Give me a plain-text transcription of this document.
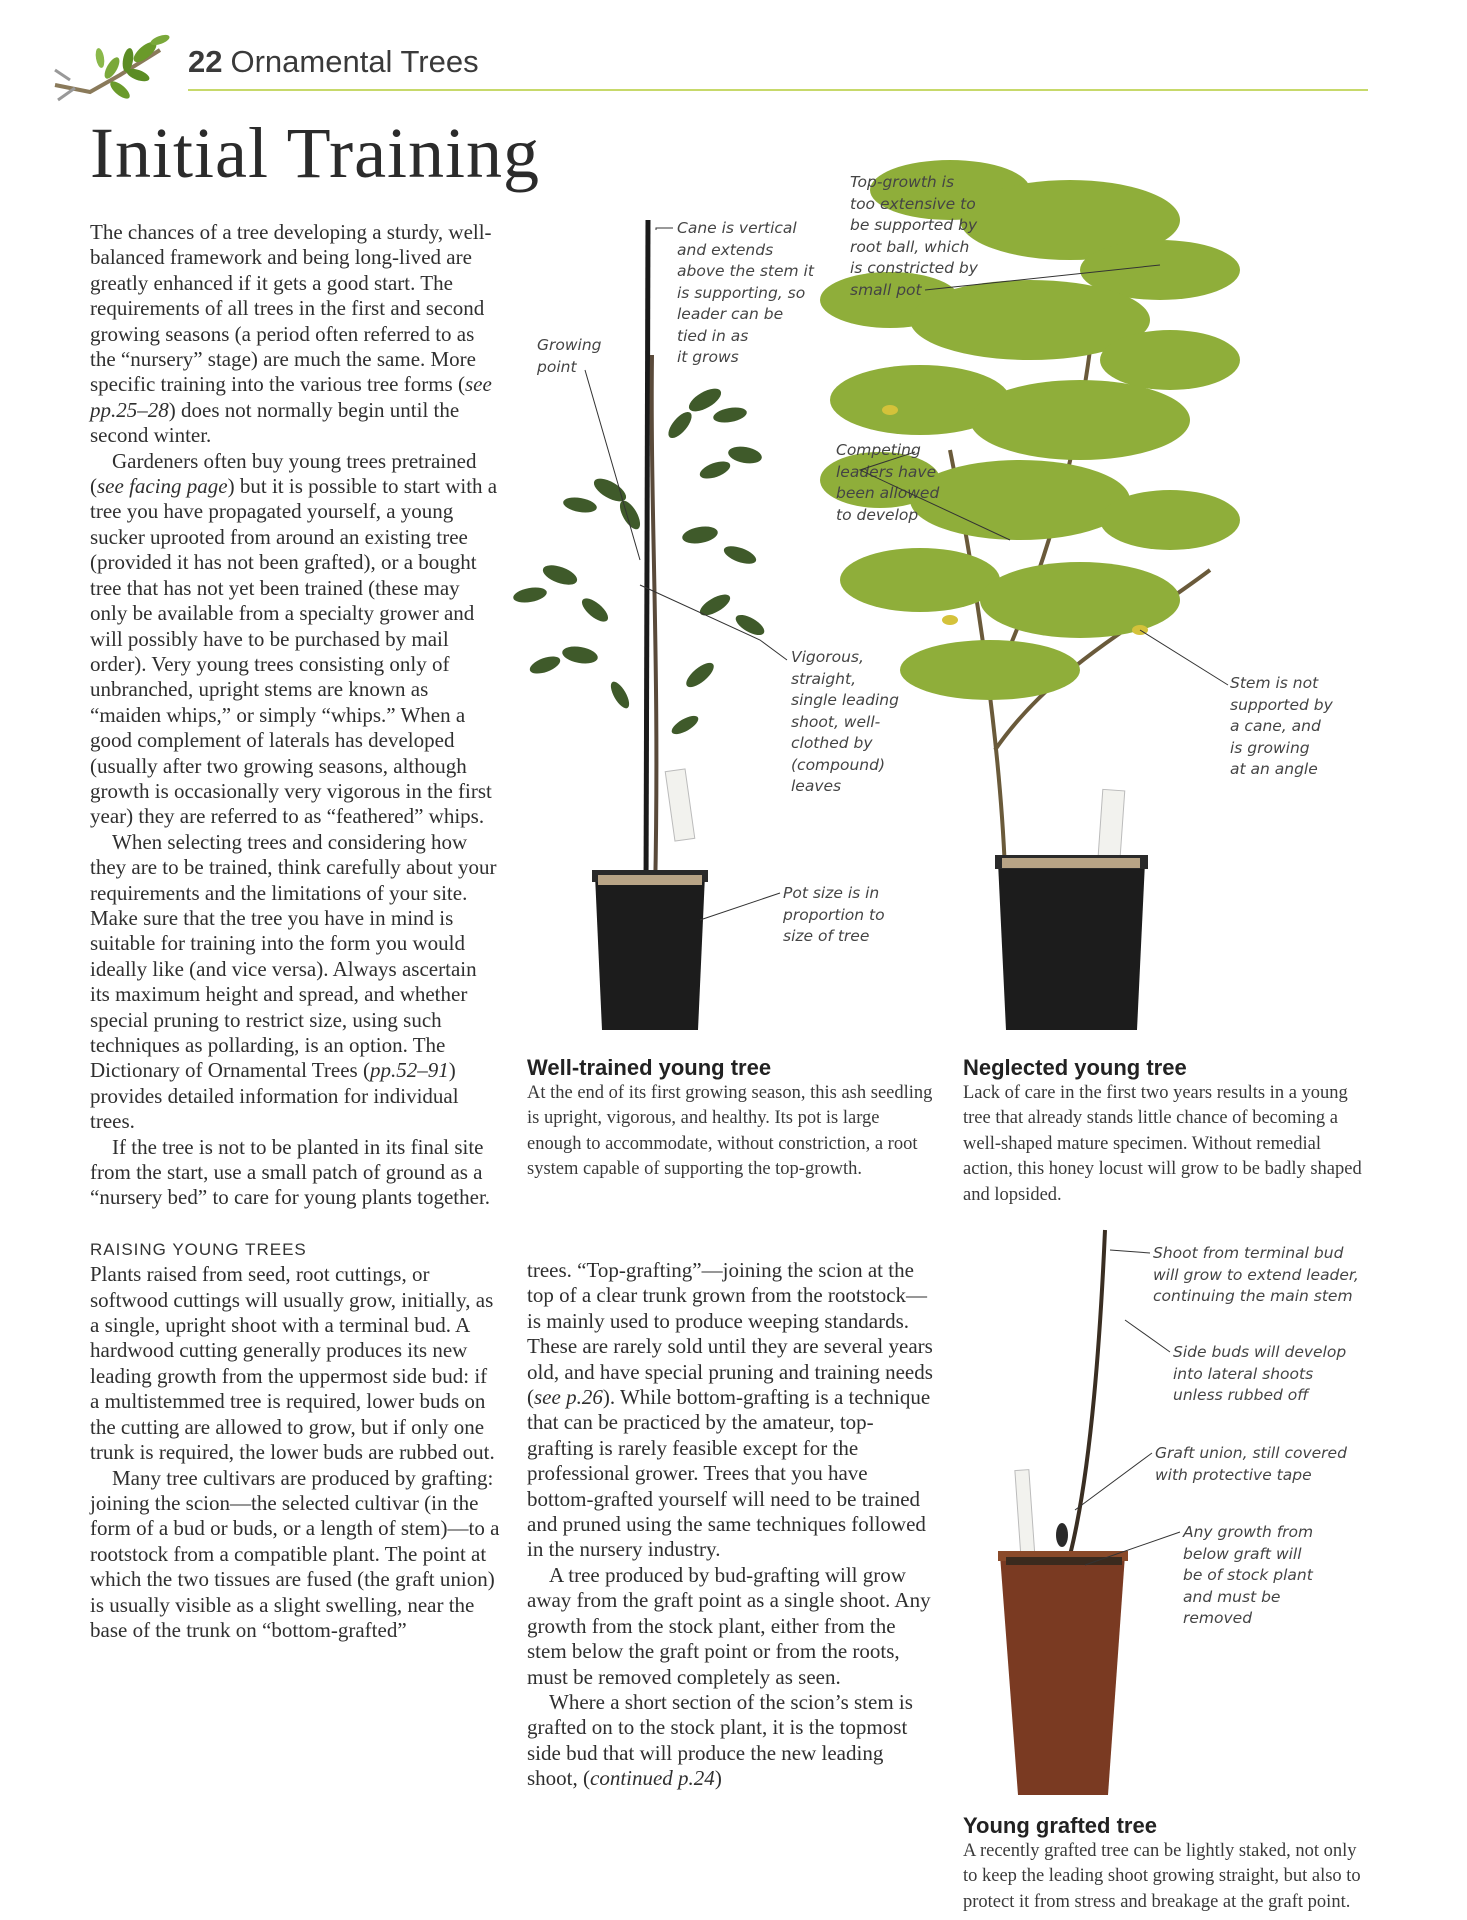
22 Ornamental Trees
Initial Training

The chances of a tree developing a sturdy, well-balanced framework and being long-lived are greatly enhanced if it gets a good start. The requirements of all trees in the first and second growing seasons (a period often referred to as the “nursery” stage) are much the same. More specific training into the various tree forms (see pp.25–28) does not normally begin until the second winter.

Gardeners often buy young trees pretrained (see facing page) but it is possible to start with a tree you have propagated yourself, a young sucker uprooted from around an existing tree (provided it has not been grafted), or a bought tree that has not yet been trained (these may only be available from a specialty grower and will possibly have to be purchased by mail order). Very young trees consisting only of unbranched, upright stems are known as “maiden whips,” or simply “whips.” When a good complement of laterals has developed (usually after two growing seasons, although growth is occasionally very vigorous in the first year) they are referred to as “feathered” whips.

When selecting trees and considering how they are to be trained, think carefully about your requirements and the limitations of your site. Make sure that the tree you have in mind is suitable for training into the form you would ideally like (and vice versa). Always ascertain its maximum height and spread, and whether special pruning to restrict size, using such techniques as pollarding, is an option. The Dictionary of Ornamental Trees (pp.52–91) provides detailed information for individual trees.

If the tree is not to be planted in its final site from the start, use a small patch of ground as a “nursery bed” to care for young plants together.

RAISING YOUNG TREES

Plants raised from seed, root cuttings, or softwood cuttings will usually grow, initially, as a single, upright shoot with a terminal bud. A hardwood cutting generally produces its new leading growth from the uppermost side bud: if a multistemmed tree is required, lower buds on the cutting are allowed to grow, but if only one trunk is required, the lower buds are rubbed out.

Many tree cultivars are produced by grafting: joining the scion—the selected cultivar (in the form of a bud or buds, or a length of stem)—to a rootstock from a compatible plant. The point at which the two tissues are fused (the graft union) is usually visible as a slight swelling, near the base of the trunk on “bottom-grafted”

trees. “Top-grafting”—joining the scion at the top of a clear trunk grown from the rootstock—is mainly used to produce weeping standards. These are rarely sold until they are several years old, and have special pruning and training needs (see p.26). While bottom-grafting is a technique that can be practiced by the amateur, top-grafting is rarely feasible except for the professional grower. Trees that you have bottom-grafted yourself will need to be trained and pruned using the same techniques followed in the nursery industry.

A tree produced by bud-grafting will grow away from the graft point as a single shoot. Any growth from the stock plant, either from the stem below the graft point or from the roots, must be removed completely as seen.

Where a short section of the scion’s stem is grafted on to the stock plant, it is the topmost side bud that will produce the new leading shoot, (continued p.24)

Growing
point
Cane is vertical
and extends
above the stem it
is supporting, so
leader can be
tied in as
it grows
Top-growth is
too extensive to
be supported by
root ball, which
is constricted by
small pot
Competing
leaders have
been allowed
to develop
Vigorous,
straight,
single leading
shoot, well-
clothed by
(compound)
leaves
Stem is not
supported by
a cane, and
is growing
at an angle
Pot size is in
proportion to
size of tree
Shoot from terminal bud
will grow to extend leader,
continuing the main stem
Side buds will develop
into lateral shoots
unless rubbed off
Graft union, still covered
with protective tape
Any growth from
below graft will
be of stock plant
and must be
removed
Well-trained young tree
At the end of its first growing season, this ash seedling is upright, vigorous, and healthy. Its pot is large enough to accommodate, without constriction, a root system capable of supporting the top-growth.
Neglected young tree
Lack of care in the first two years results in a young tree that already stands little chance of becoming a well-shaped mature specimen. Without remedial action, this honey locust will grow to be badly shaped and lopsided.
Young grafted tree
A recently grafted tree can be lightly staked, not only to keep the leading shoot growing straight, but also to protect it from stress and breakage at the graft point.
